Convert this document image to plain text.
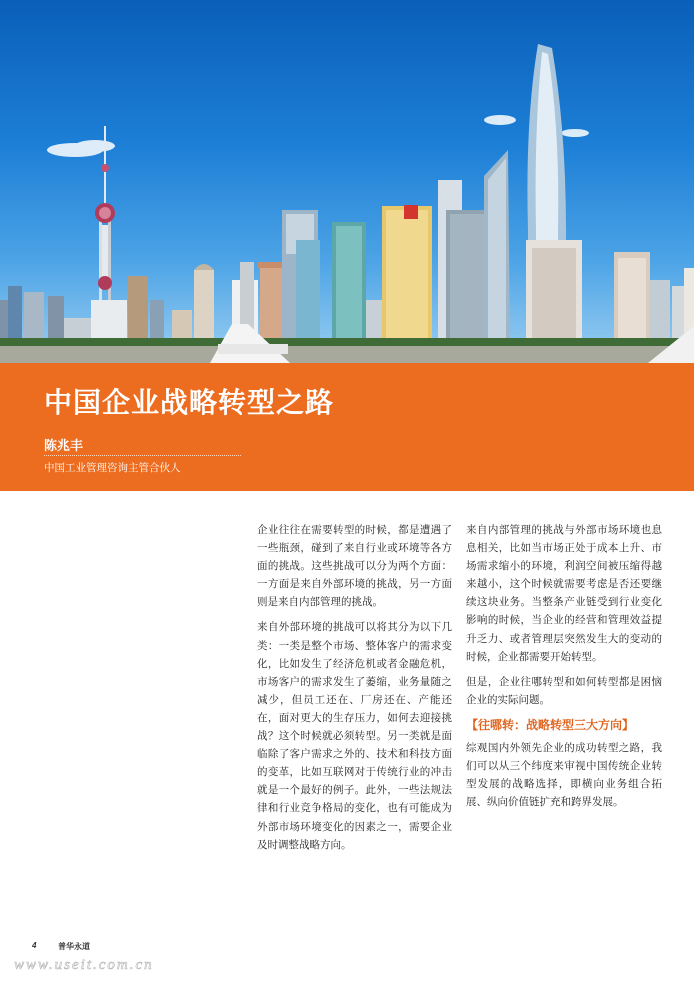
中国企业战略转型之路
陈兆丰
中国工业管理咨询主管合伙人

企业往往在需要转型的时候，都是遭遇了一些瓶颈，碰到了来自行业或环境等各方面的挑战。这些挑战可以分为两个方面：一方面是来自外部环境的挑战，另一方面则是来自内部管理的挑战。

来自外部环境的挑战可以将其分为以下几类：一类是整个市场、整体客户的需求变化，比如发生了经济危机或者金融危机，市场客户的需求发生了萎缩，业务量随之减少，但员工还在、厂房还在、产能还在，面对更大的生存压力，如何去迎接挑战？这个时候就必须转型。另一类就是面临除了客户需求之外的、技术和科技方面的变革，比如互联网对于传统行业的冲击就是一个最好的例子。此外，一些法规法律和行业竞争格局的变化，也有可能成为外部市场环境变化的因素之一，需要企业及时调整战略方向。

来自内部管理的挑战与外部市场环境也息息相关，比如当市场正处于成本上升、市场需求缩小的环境，利润空间被压缩得越来越小，这个时候就需要考虑是否还要继续这块业务。当整条产业链受到行业变化影响的时候，当企业的经营和管理效益提升乏力、或者管理层突然发生大的变动的时候，企业都需要开始转型。

但是，企业往哪转型和如何转型都是困恼企业的实际问题。

【往哪转：战略转型三大方向】

综观国内外领先企业的成功转型之路，我们可以从三个纬度来审视中国传统企业转型发展的战略选择，即横向业务组合拓展、纵向价值链扩充和跨界发展。

4	普华永道
www.useit.com.cn
